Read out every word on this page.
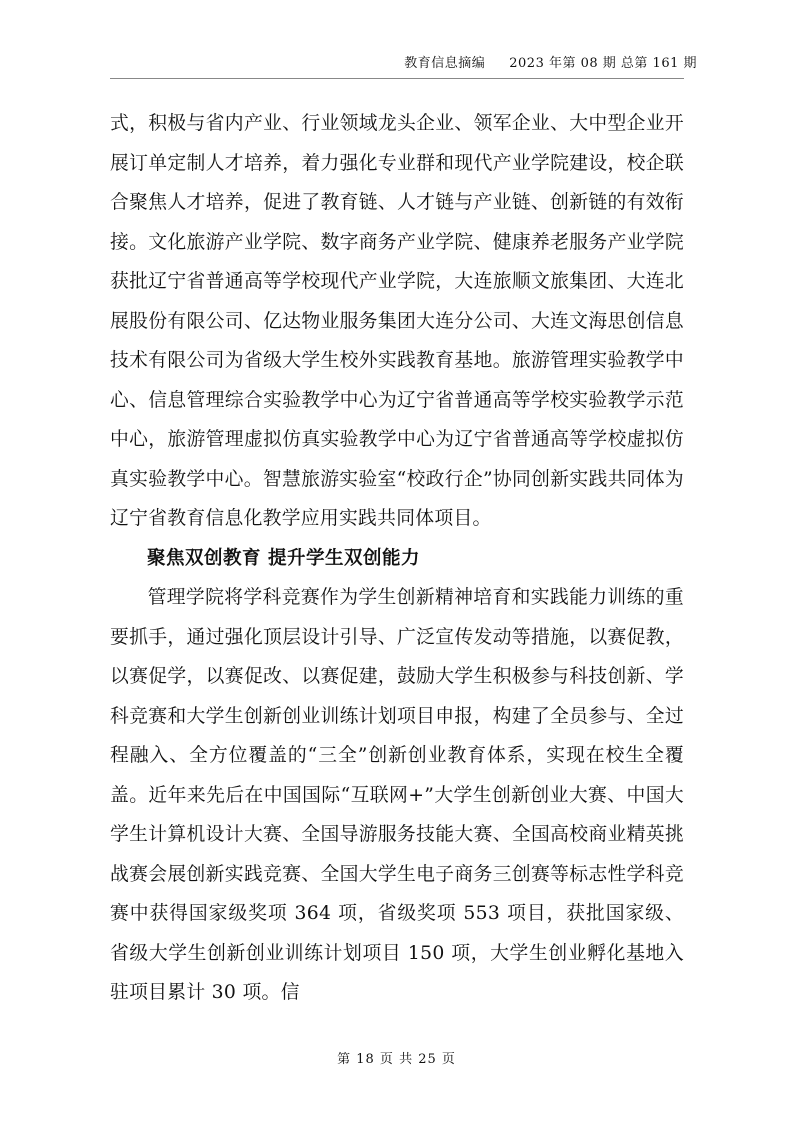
教育信息摘编 2023 年第 08 期 总第 161 期

式，积极与省内产业、行业领域龙头企业、领军企业、大中型企业开展订单定制人才培养，着力强化专业群和现代产业学院建设，校企联合聚焦人才培养，促进了教育链、人才链与产业链、创新链的有效衔接。文化旅游产业学院、数字商务产业学院、健康养老服务产业学院获批辽宁省普通高等学校现代产业学院，大连旅顺文旅集团、大连北展股份有限公司、亿达物业服务集团大连分公司、大连文海思创信息技术有限公司为省级大学生校外实践教育基地。旅游管理实验教学中心、信息管理综合实验教学中心为辽宁省普通高等学校实验教学示范中心，旅游管理虚拟仿真实验教学中心为辽宁省普通高等学校虚拟仿真实验教学中心。智慧旅游实验室“校政行企”协同创新实践共同体为辽宁省教育信息化教学应用实践共同体项目。

聚焦双创教育 提升学生双创能力

管理学院将学科竞赛作为学生创新精神培育和实践能力训练的重要抓手，通过强化顶层设计引导、广泛宣传发动等措施，以赛促教，以赛促学，以赛促改、以赛促建，鼓励大学生积极参与科技创新、学科竞赛和大学生创新创业训练计划项目申报，构建了全员参与、全过程融入、全方位覆盖的“三全”创新创业教育体系，实现在校生全覆盖。近年来先后在中国国际“互联网+”大学生创新创业大赛、中国大学生计算机设计大赛、全国导游服务技能大赛、全国高校商业精英挑战赛会展创新实践竞赛、全国大学生电子商务三创赛等标志性学科竞赛中获得国家级奖项 364 项，省级奖项 553 项目，获批国家级、省级大学生创新创业训练计划项目 150 项，大学生创业孵化基地入驻项目累计 30 项。信

第 18 页 共 25 页
